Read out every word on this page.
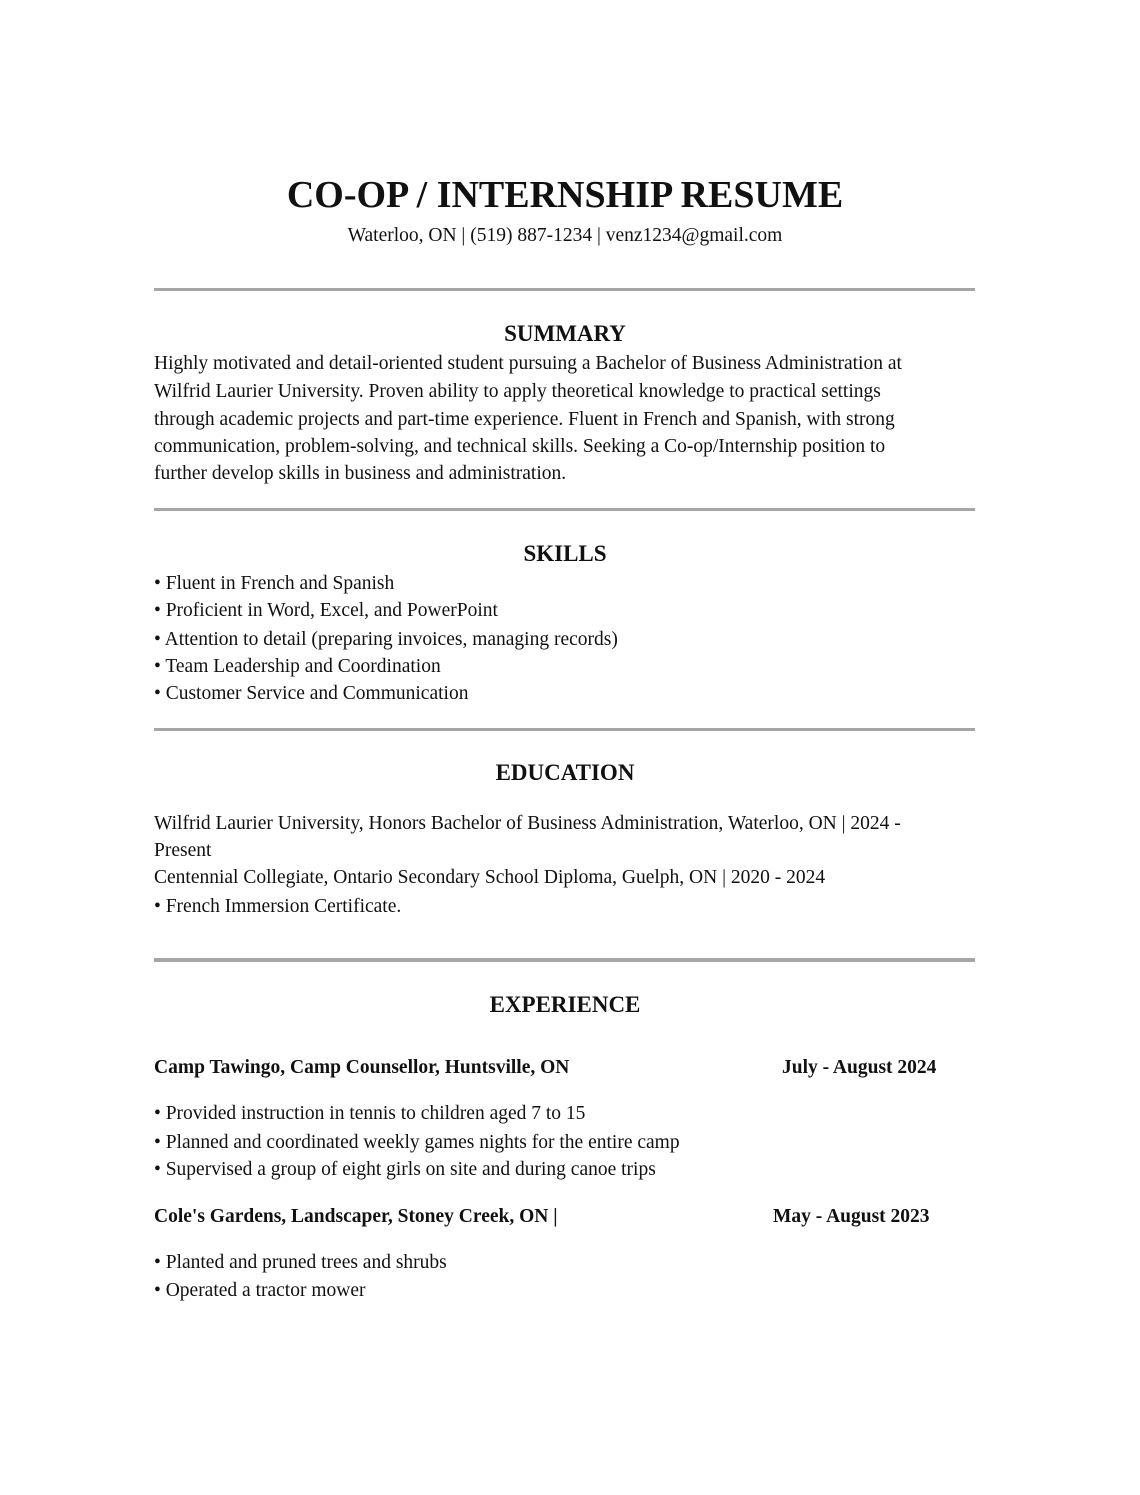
CO-OP / INTERNSHIP RESUME
Waterloo, ON | (519) 887-1234 | venz1234@gmail.com
SUMMARY
Highly motivated and detail-oriented student pursuing a Bachelor of Business Administration at
Wilfrid Laurier University. Proven ability to apply theoretical knowledge to practical settings
through academic projects and part-time experience. Fluent in French and Spanish, with strong
communication, problem-solving, and technical skills. Seeking a Co-op/Internship position to
further develop skills in business and administration.
SKILLS
• Fluent in French and Spanish
• Proficient in Word, Excel, and PowerPoint
• Attention to detail (preparing invoices, managing records)
• Team Leadership and Coordination
• Customer Service and Communication
EDUCATION
Wilfrid Laurier University, Honors Bachelor of Business Administration, Waterloo, ON | 2024 -
Present
Centennial Collegiate, Ontario Secondary School Diploma, Guelph, ON | 2020 - 2024
• French Immersion Certificate.
EXPERIENCE
Camp Tawingo, Camp Counsellor, Huntsville, ON	July - August 2024
• Provided instruction in tennis to children aged 7 to 15
• Planned and coordinated weekly games nights for the entire camp
• Supervised a group of eight girls on site and during canoe trips
Cole's Gardens, Landscaper, Stoney Creek, ON |	May - August 2023
• Planted and pruned trees and shrubs
• Operated a tractor mower
